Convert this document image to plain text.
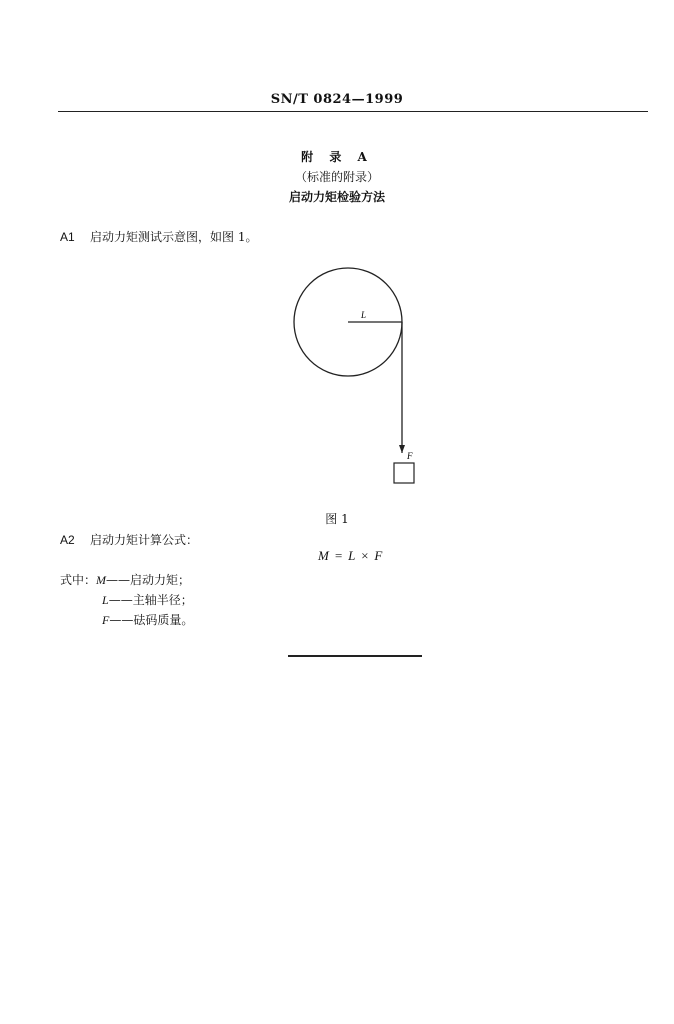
SN/T 0824—1999
附 录 A
（标准的附录）
启动力矩检验方法
A1 启动力矩测试示意图，如图 1。
L
F
图 1
A2 启动力矩计算公式：
M = L × F
式中：M——启动力矩；
L——主轴半径；
F——砝码质量。
